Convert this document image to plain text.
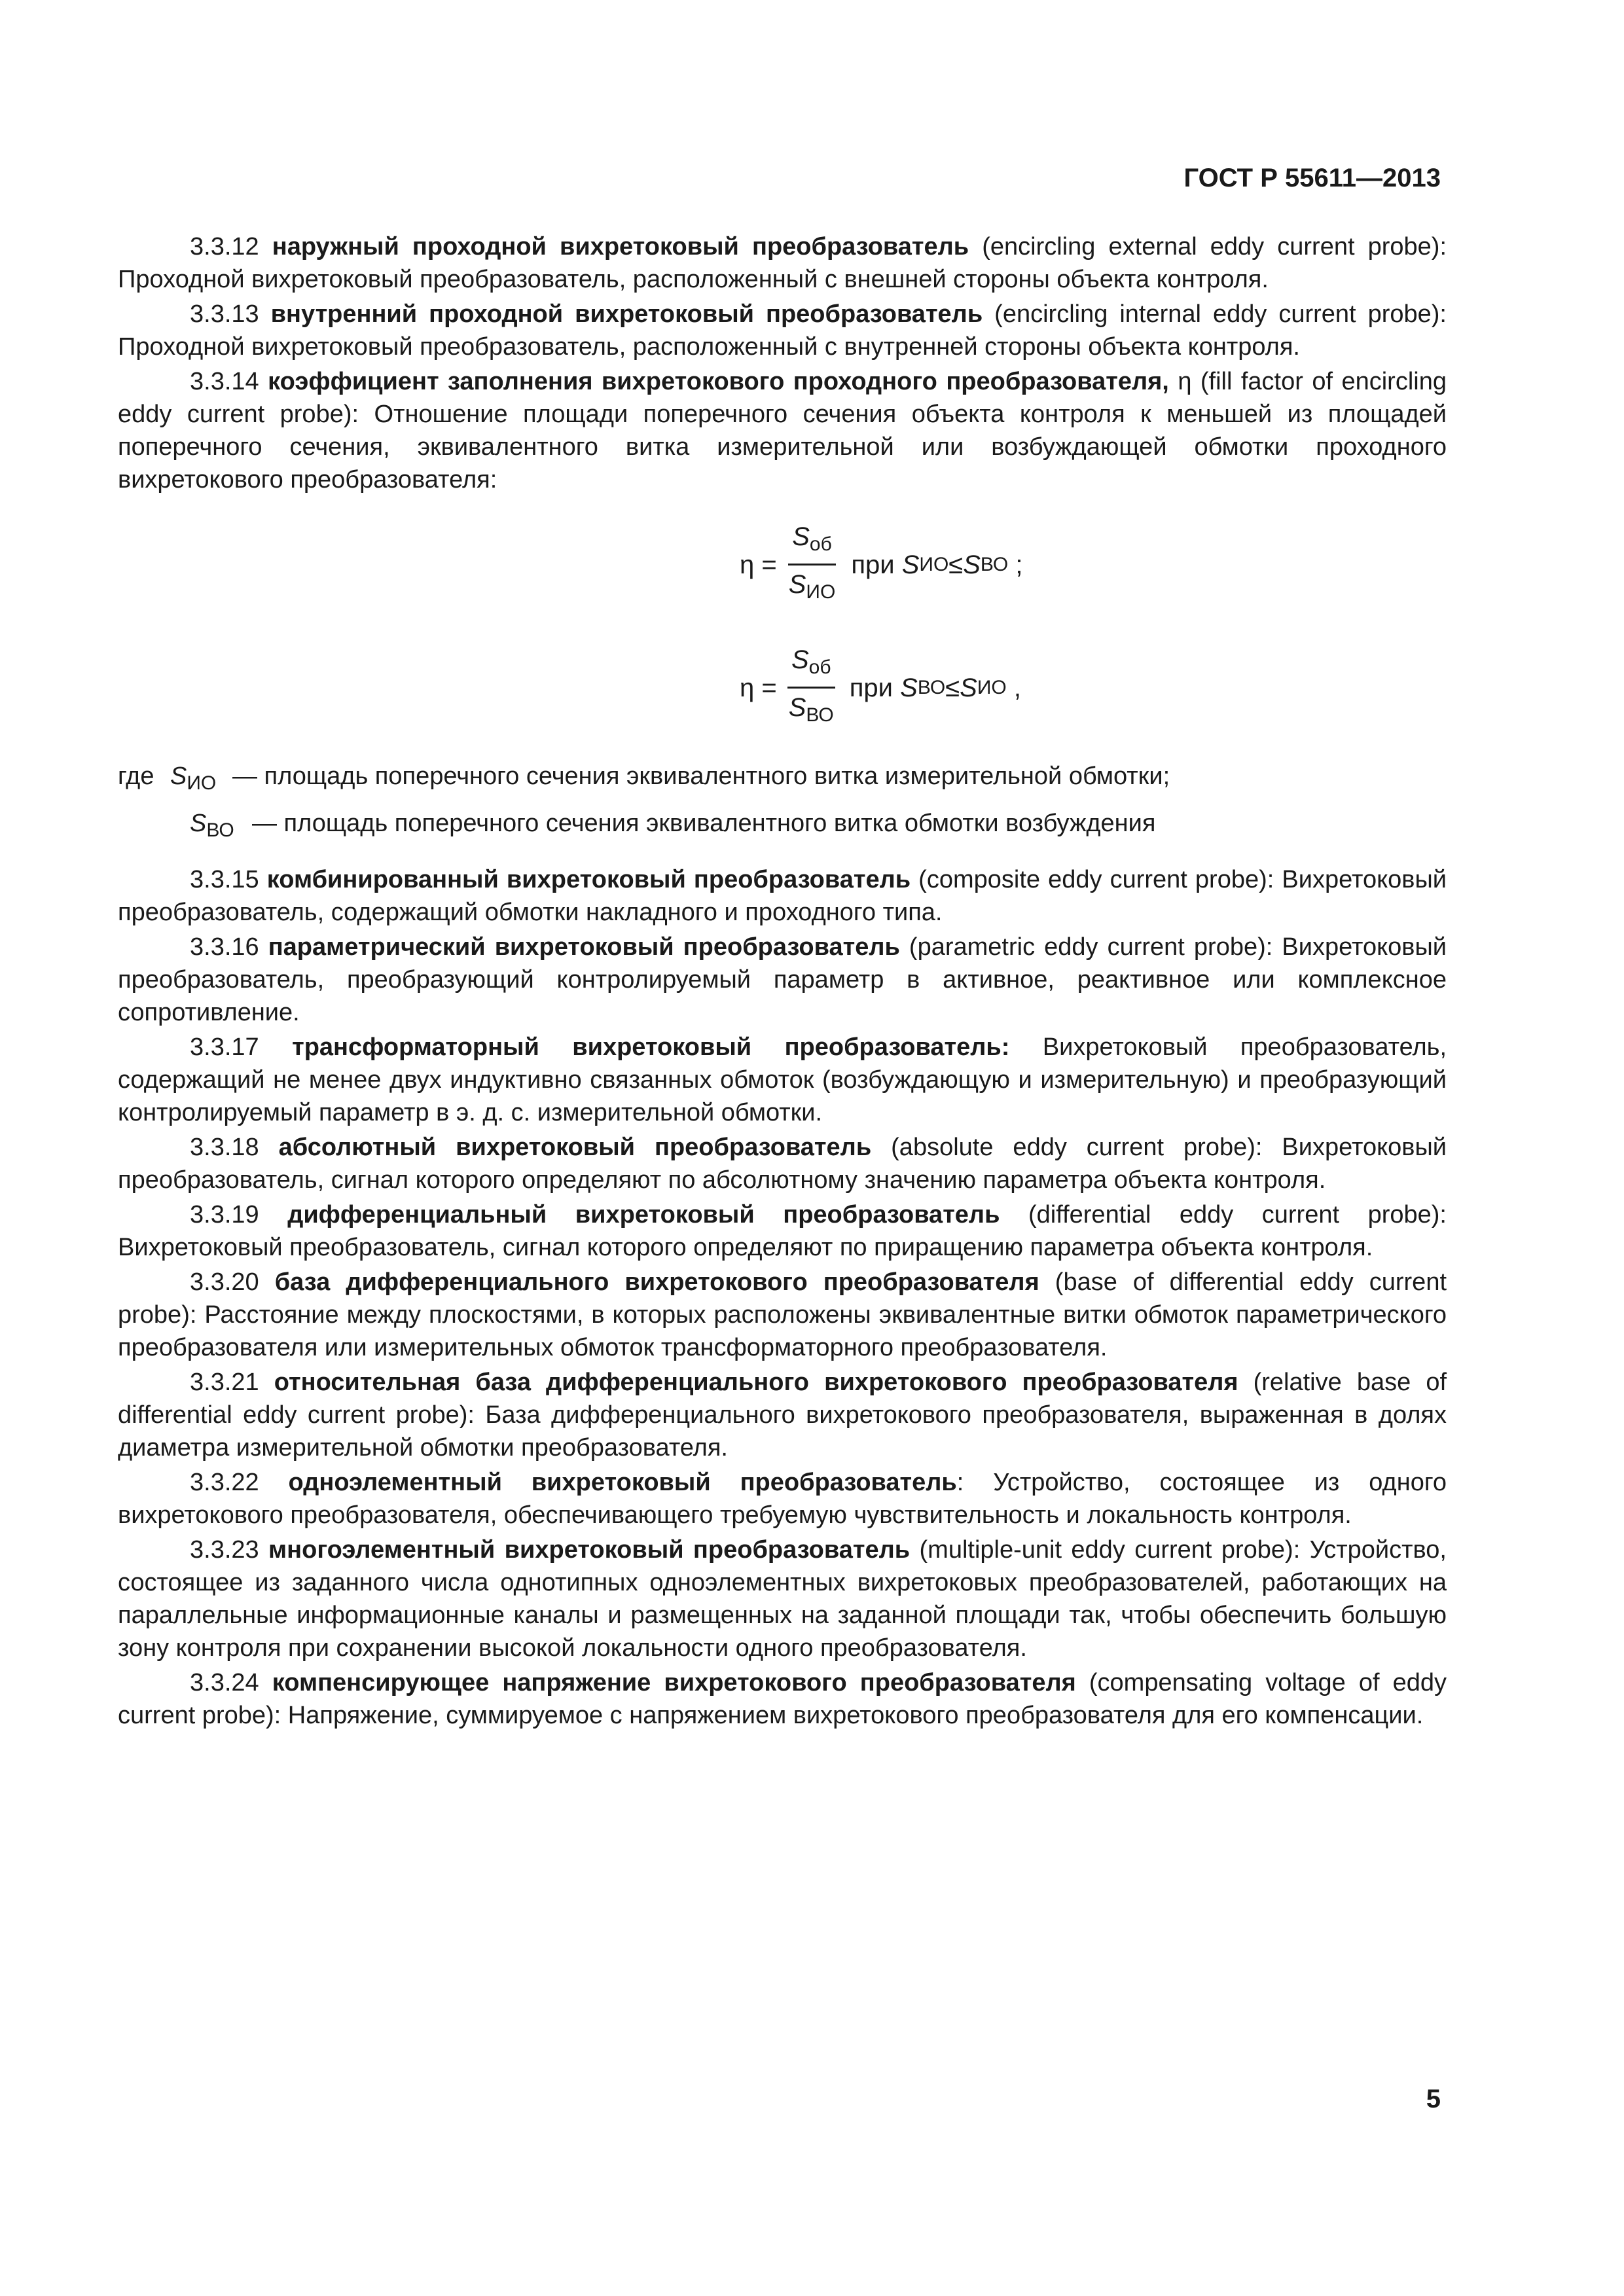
ГОСТ Р 55611—2013

3.3.12 наружный проходной вихретоковый преобразователь (encircling external eddy current probe): Проходной вихретоковый преобразователь, расположенный с внешней стороны объекта контроля.

3.3.13 внутренний проходной вихретоковый преобразователь (encircling internal eddy current probe): Проходной вихретоковый преобразователь, расположенный с внутренней стороны объекта контроля.

3.3.14 коэффициент заполнения вихретокового проходного преобразователя, η (fill factor of encircling eddy current probe): Отношение площади поперечного сечения объекта контроля к меньшей из площадей поперечного сечения, эквивалентного витка измерительной или возбуждающей обмотки проходного вихретокового преобразователя:

$\eta = \frac{S_{об}}{S_{ИО}}$ при
S ИО ≤ S ВО
;
$\eta = \frac{S_{об}}{S_{ВО}}$ при
S ВО ≤ S ИО
,
где $S_{ИО}$ — площадь поперечного сечения эквивалентного витка измерительной обмотки;
$S_{ВО}$ — площадь поперечного сечения эквивалентного витка обмотки возбуждения

3.3.15 комбинированный вихретоковый преобразователь (composite eddy current probe): Вихретоковый преобразователь, содержащий обмотки накладного и проходного типа.

3.3.16 параметрический вихретоковый преобразователь (parametric eddy current probe): Вихретоковый преобразователь, преобразующий контролируемый параметр в активное, реактивное или комплексное сопротивление.

3.3.17 трансформаторный вихретоковый преобразователь: Вихретоковый преобразователь, содержащий не менее двух индуктивно связанных обмоток (возбуждающую и измерительную) и преобразующий контролируемый параметр в э. д. с. измерительной обмотки.

3.3.18 абсолютный вихретоковый преобразователь (absolute eddy current probe): Вихретоковый преобразователь, сигнал которого определяют по абсолютному значению параметра объекта контроля.

3.3.19 дифференциальный вихретоковый преобразователь (differential eddy current probe): Вихретоковый преобразователь, сигнал которого определяют по приращению параметра объекта контроля.

3.3.20 база дифференциального вихретокового преобразователя (base of differential eddy current probe): Расстояние между плоскостями, в которых расположены эквивалентные витки обмоток параметрического преобразователя или измерительных обмоток трансформаторного преобразователя.

3.3.21 относительная база дифференциального вихретокового преобразователя (relative base of differential eddy current probe): База дифференциального вихретокового преобразователя, выраженная в долях диаметра измерительной обмотки преобразователя.

3.3.22 одноэлементный вихретоковый преобразователь: Устройство, состоящее из одного вихретокового преобразователя, обеспечивающего требуемую чувствительность и локальность контроля.

3.3.23 многоэлементный вихретоковый преобразователь (multiple-unit eddy current probe): Устройство, состоящее из заданного числа однотипных одноэлементных вихретоковых преобразователей, работающих на параллельные информационные каналы и размещенных на заданной площади так, чтобы обеспечить большую зону контроля при сохранении высокой локальности одного преобразователя.

3.3.24 компенсирующее напряжение вихретокового преобразователя (compensating voltage of eddy current probe): Напряжение, суммируемое с напряжением вихретокового преобразователя для его компенсации.

5
